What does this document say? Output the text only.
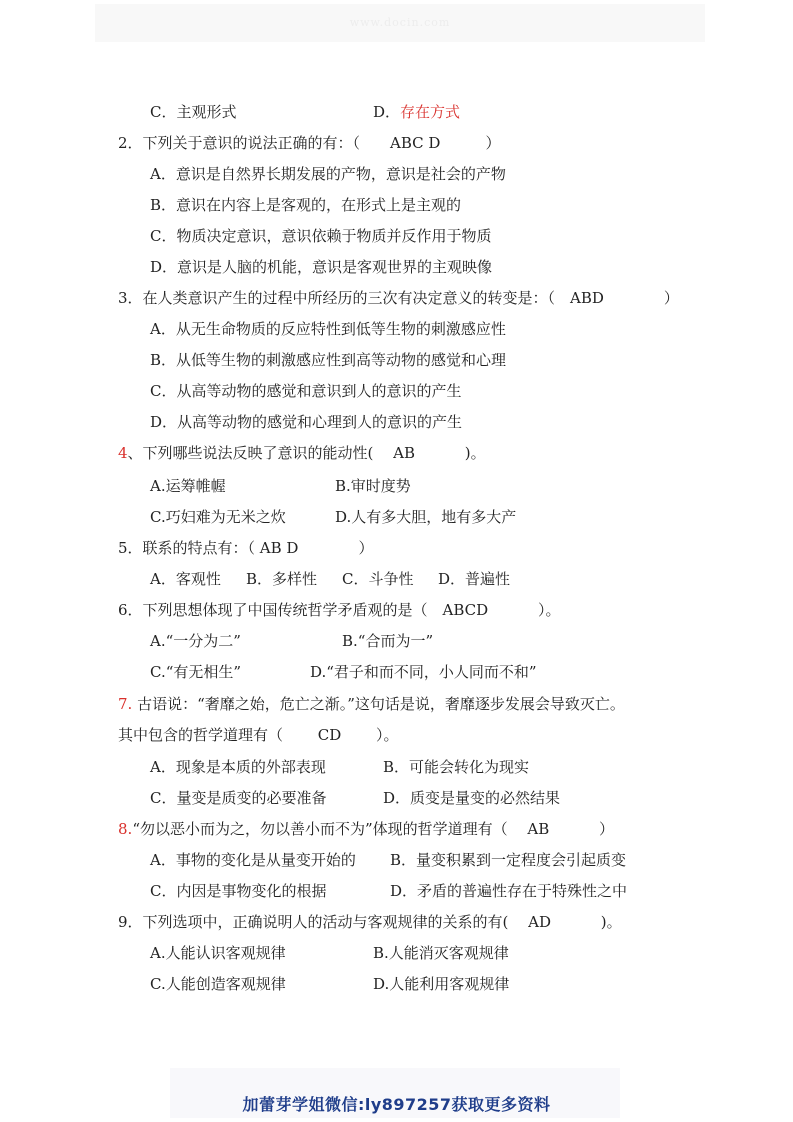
www.docin.com
C．主观形式	D．存在方式
2．下列关于意识的说法正确的有：（　　ABC D　　　）
A．意识是自然界长期发展的产物，意识是社会的产物
B．意识在内容上是客观的，在形式上是主观的
C．物质决定意识，意识依赖于物质并反作用于物质
D．意识是人脑的机能，意识是客观世界的主观映像
3．在人类意识产生的过程中所经历的三次有决定意义的转变是：（　ABD　　　　）
A．从无生命物质的反应特性到低等生物的刺激感应性
B．从低等生物的刺激感应性到高等动物的感觉和心理
C．从高等动物的感觉和意识到人的意识的产生
D．从高等动物的感觉和心理到人的意识的产生
4、下列哪些说法反映了意识的能动性(　 AB　　　 )。
A.运筹帷幄	B.审时度势
C.巧妇难为无米之炊	D.人有多大胆，地有多大产
5．联系的特点有：（ AB D　　　　）
A．客观性 B．多样性 C．斗争性 D．普遍性
6．下列思想体现了中国传统哲学矛盾观的是（　ABCD　　　 ）。
A.“一分为二”	B.“合而为一”
C.“有无相生”	D.“君子和而不同，小人同而不和”
7. 古语说：“奢靡之始，危亡之渐。”这句话是说，奢靡逐步发展会导致灭亡。
其中包含的哲学道理有（　　 CD　　 ）。
A．现象是本质的外部表现	B．可能会转化为现实
C．量变是质变的必要准备	D．质变是量变的必然结果
8.“勿以恶小而为之，勿以善小而不为”体现的哲学道理有（　 AB　　　 ）
A．事物的变化是从量变开始的 B．量变积累到一定程度会引起质变
C．内因是事物变化的根据	D．矛盾的普遍性存在于特殊性之中
9．下列选项中，正确说明人的活动与客观规律的关系的有(　 AD　　　 )。
A.人能认识客观规律	B.人能消灭客观规律
C.人能创造客观规律	D.人能利用客观规律
加蕾芽学姐微信:ly897257获取更多资料
